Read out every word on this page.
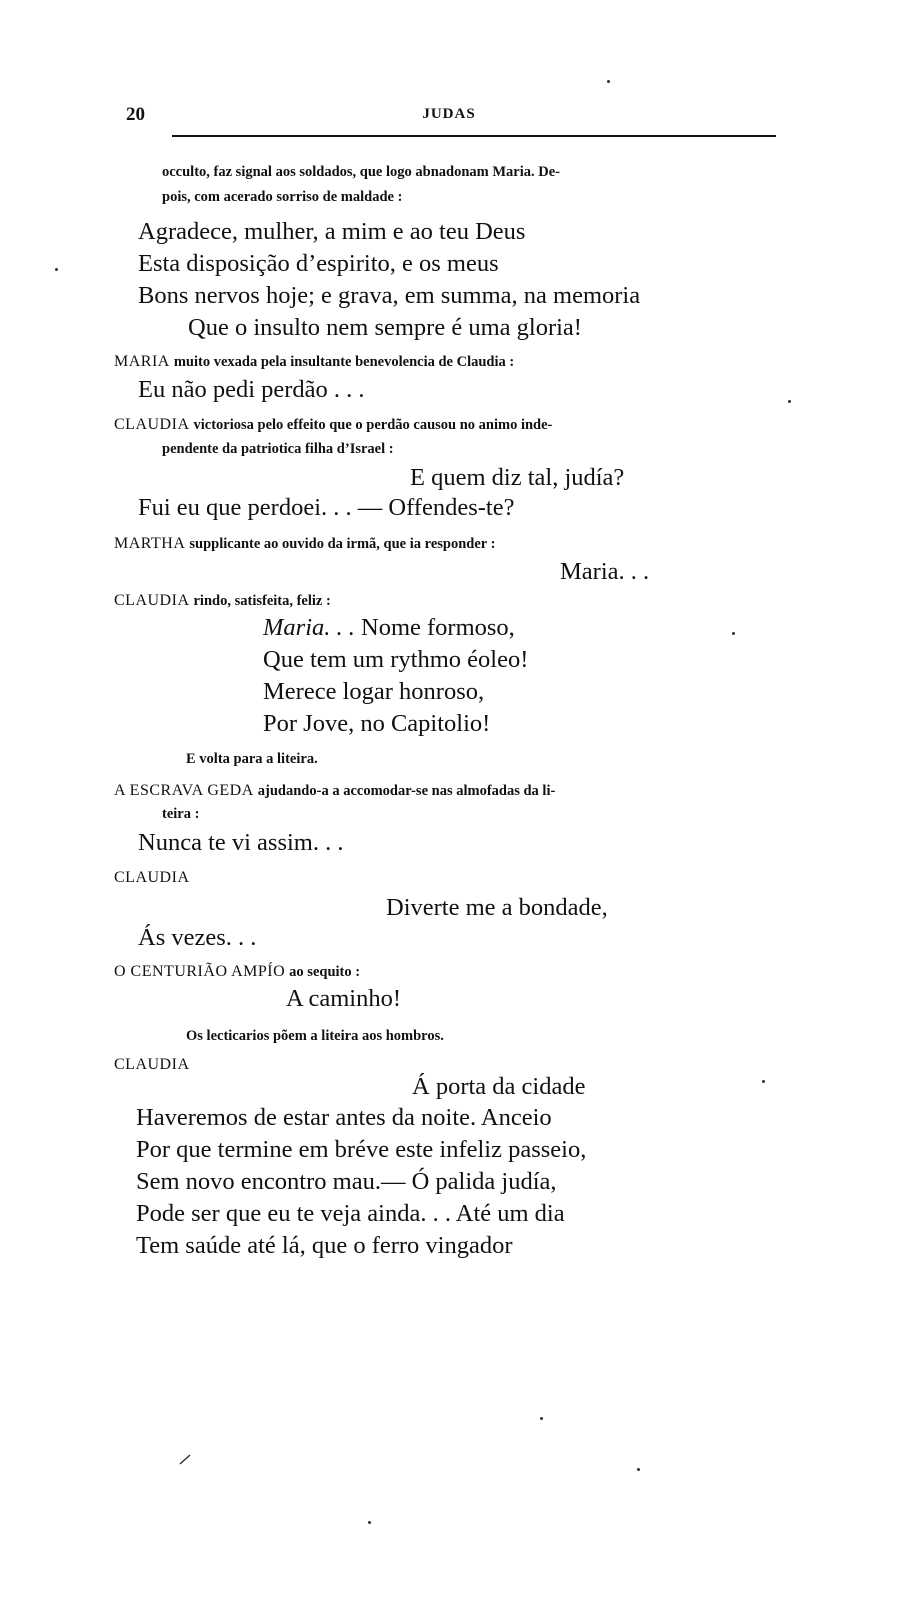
20	JUDAS
occulto, faz signal aos soldados, que logo abnadonam Maria. De-
pois, com acerado sorriso de maldade :
Agradece, mulher, a mim e ao teu Deus
Esta disposição d’espirito, e os meus
Bons nervos hoje; e grava, em summa, na memoria
Que o insulto nem sempre é uma gloria!
MARIA muito vexada pela insultante benevolencia de Claudia :
Eu não pedi perdão . . .
CLAUDIA victoriosa pelo effeito que o perdão causou no animo inde-
pendente da patriotica filha d’Israel :
E quem diz tal, judía?
Fui eu que perdoei. . . — Offendes-te?
MARTHA supplicante ao ouvido da irmã, que ia responder :
Maria. . .
CLAUDIA rindo, satisfeita, feliz :
Maria. . . Nome formoso,
Que tem um rythmo éoleo!
Merece logar honroso,
Por Jove, no Capitolio!
E volta para a liteira.
A ESCRAVA GEDA ajudando-a a accomodar-se nas almofadas da li-
teira :
Nunca te vi assim. . .
CLAUDIA
Diverte me a bondade,
Ás vezes. . .
O CENTURIÃO AMPÍO ao sequito :
A caminho!
Os lecticarios põem a liteira aos hombros.
CLAUDIA
Á porta da cidade
Haveremos de estar antes da noite. Anceio
Por que termine em bréve este infeliz passeio,
Sem novo encontro mau.— Ó palida judía,
Pode ser que eu te veja ainda. . . Até um dia
Tem saúde até lá, que o ferro vingador
